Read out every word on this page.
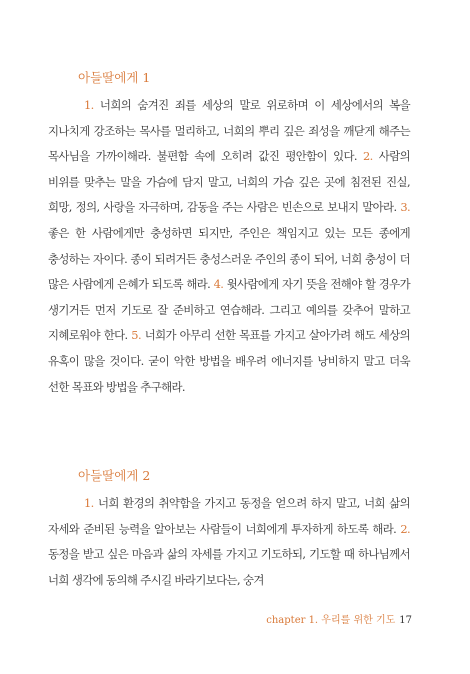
아들딸에게 1

1. 너희의 숨겨진 죄를 세상의 말로 위로하며 이 세상에서의 복을 지나치게 강조하는 목사를 멀리하고, 너희의 뿌리 깊은 죄성을 깨닫게 해주는 목사님을 가까이해라. 불편함 속에 오히려 값진 평안함이 있다. 2. 사람의 비위를 맞추는 말을 가슴에 담지 말고, 너희의 가슴 깊은 곳에 침전된 진실, 희망, 정의, 사랑을 자극하며, 감동을 주는 사람은 빈손으로 보내지 말아라. 3. 좋은 한 사람에게만 충성하면 되지만, 주인은 책임지고 있는 모든 종에게 충성하는 자이다. 종이 되려거든 충성스러운 주인의 종이 되어, 너희 충성이 더 많은 사람에게 은혜가 되도록 해라. 4. 윗사람에게 자기 뜻을 전해야 할 경우가 생기거든 먼저 기도로 잘 준비하고 연습해라. 그리고 예의를 갖추어 말하고 지혜로워야 한다. 5. 너희가 아무리 선한 목표를 가지고 살아가려 해도 세상의 유혹이 많을 것이다. 굳이 악한 방법을 배우려 에너지를 낭비하지 말고 더욱 선한 목표와 방법을 추구해라.

아들딸에게 2

1. 너희 환경의 취약함을 가지고 동정을 얻으려 하지 말고, 너희 삶의 자세와 준비된 능력을 알아보는 사람들이 너희에게 투자하게 하도록 해라. 2. 동정을 받고 싶은 마음과 삶의 자세를 가지고 기도하되, 기도할 때 하나님께서 너희 생각에 동의해 주시길 바라기보다는, 숭겨

chapter 1. 우리를 위한 기도 17
